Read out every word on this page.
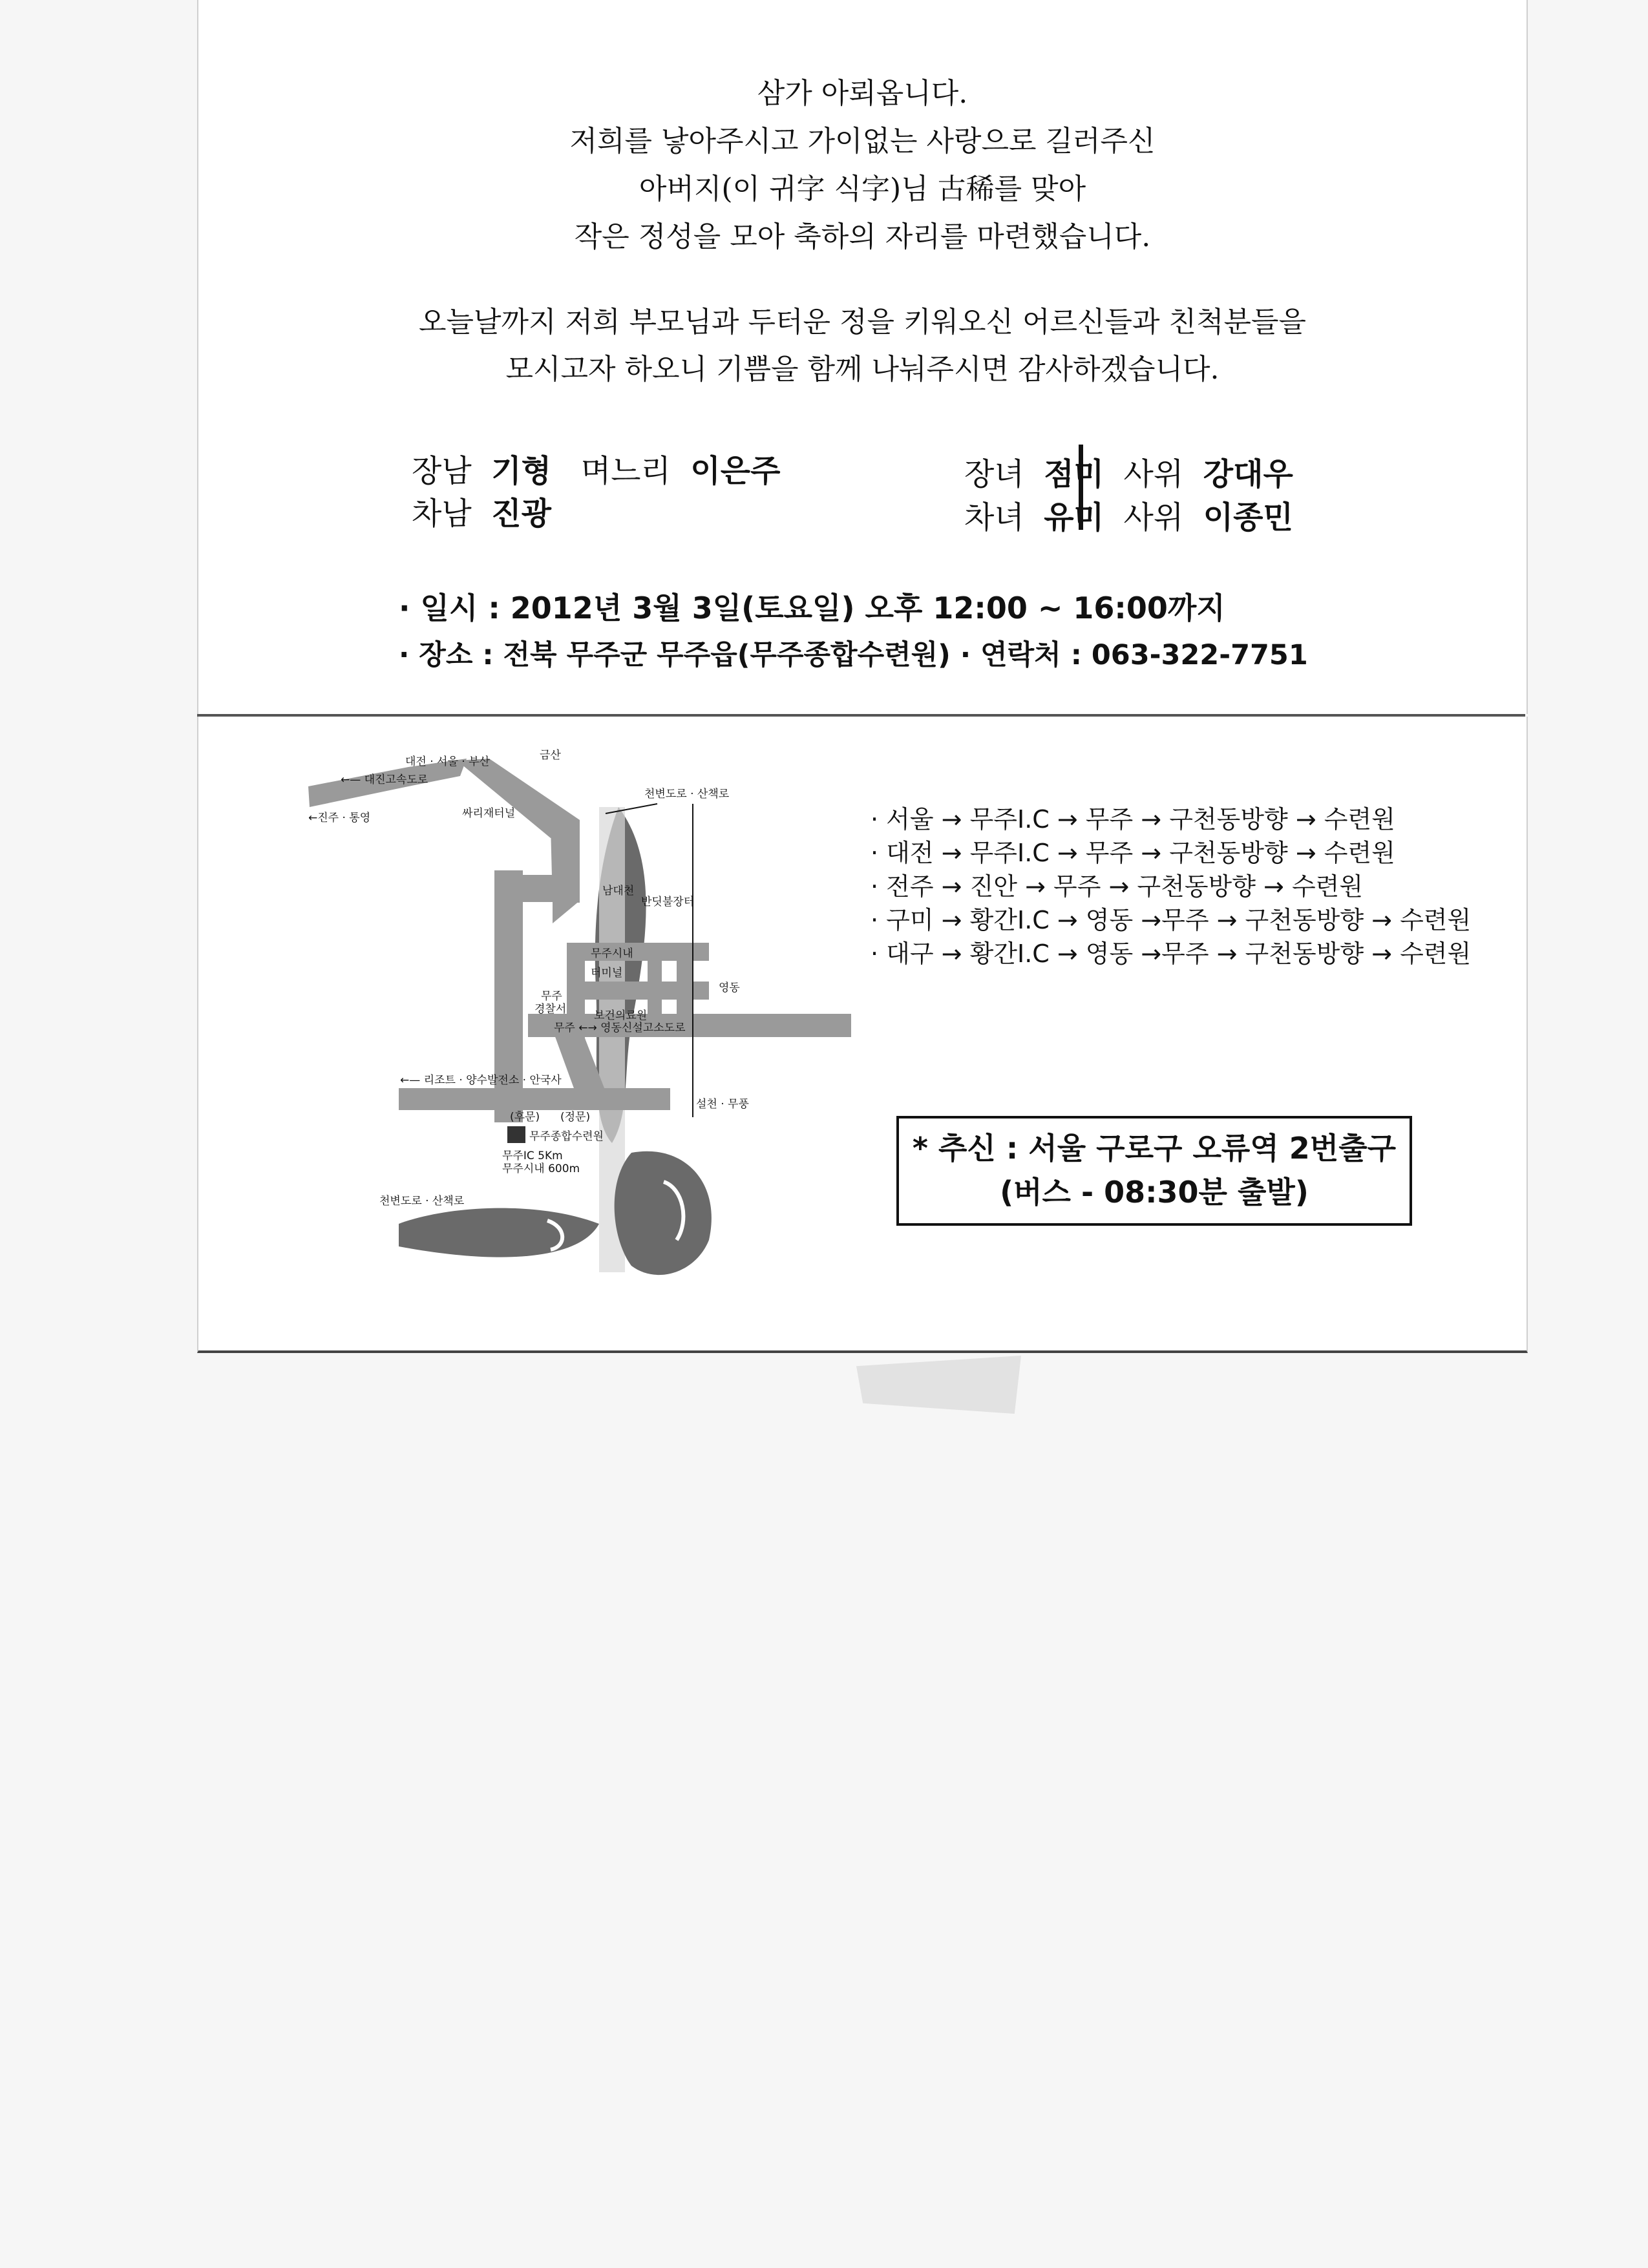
삼가 아뢰옵니다.
저희를 낳아주시고 가이없는 사랑으로 길러주신
아버지(이 귀字 식字)님 古稀를 맞아
작은 정성을 모아 축하의 자리를 마련했습니다.
오늘날까지 저희 부모님과 두터운 정을 키워오신 어르신들과 친척분들을
모시고자 하오니 기쁨을 함께 나눠주시면 감사하겠습니다.
장남 기형 며느리 이은주
차남 진광
장녀 점미 사위 강대우
차녀 유미 사위 이종민
· 일시 : 2012년 3월 3일(토요일) 오후 12:00 ~ 16:00까지
· 장소 : 전북 무주군 무주읍(무주종합수련원) · 연락처 : 063-322-7751
대전 · 서울 · 부산	금산
←— 대진고속도로
←진주 · 통영	싸리재터널
천변도로 · 산책로
남대천
반딧불장터
무주시내
터미널
영동
무주
경찰서	보건의료원
무주 ←→ 영동신설고소도로
←— 리조트 · 양수발전소 · 안국사
(후문) (정문)
무주종합수련원
무주IC 5Km
무주시내 600m
설천 · 무풍
천변도로 · 산책로
· 서울 → 무주I.C → 무주 → 구천동방향 → 수련원
· 대전 → 무주I.C → 무주 → 구천동방향 → 수련원
· 전주 → 진안 → 무주 → 구천동방향 → 수련원
· 구미 → 황간I.C → 영동 →무주 → 구천동방향 → 수련원
· 대구 → 황간I.C → 영동 →무주 → 구천동방향 → 수련원
* 추신 : 서울 구로구 오류역 2번출구
(버스 - 08:30분 출발)
